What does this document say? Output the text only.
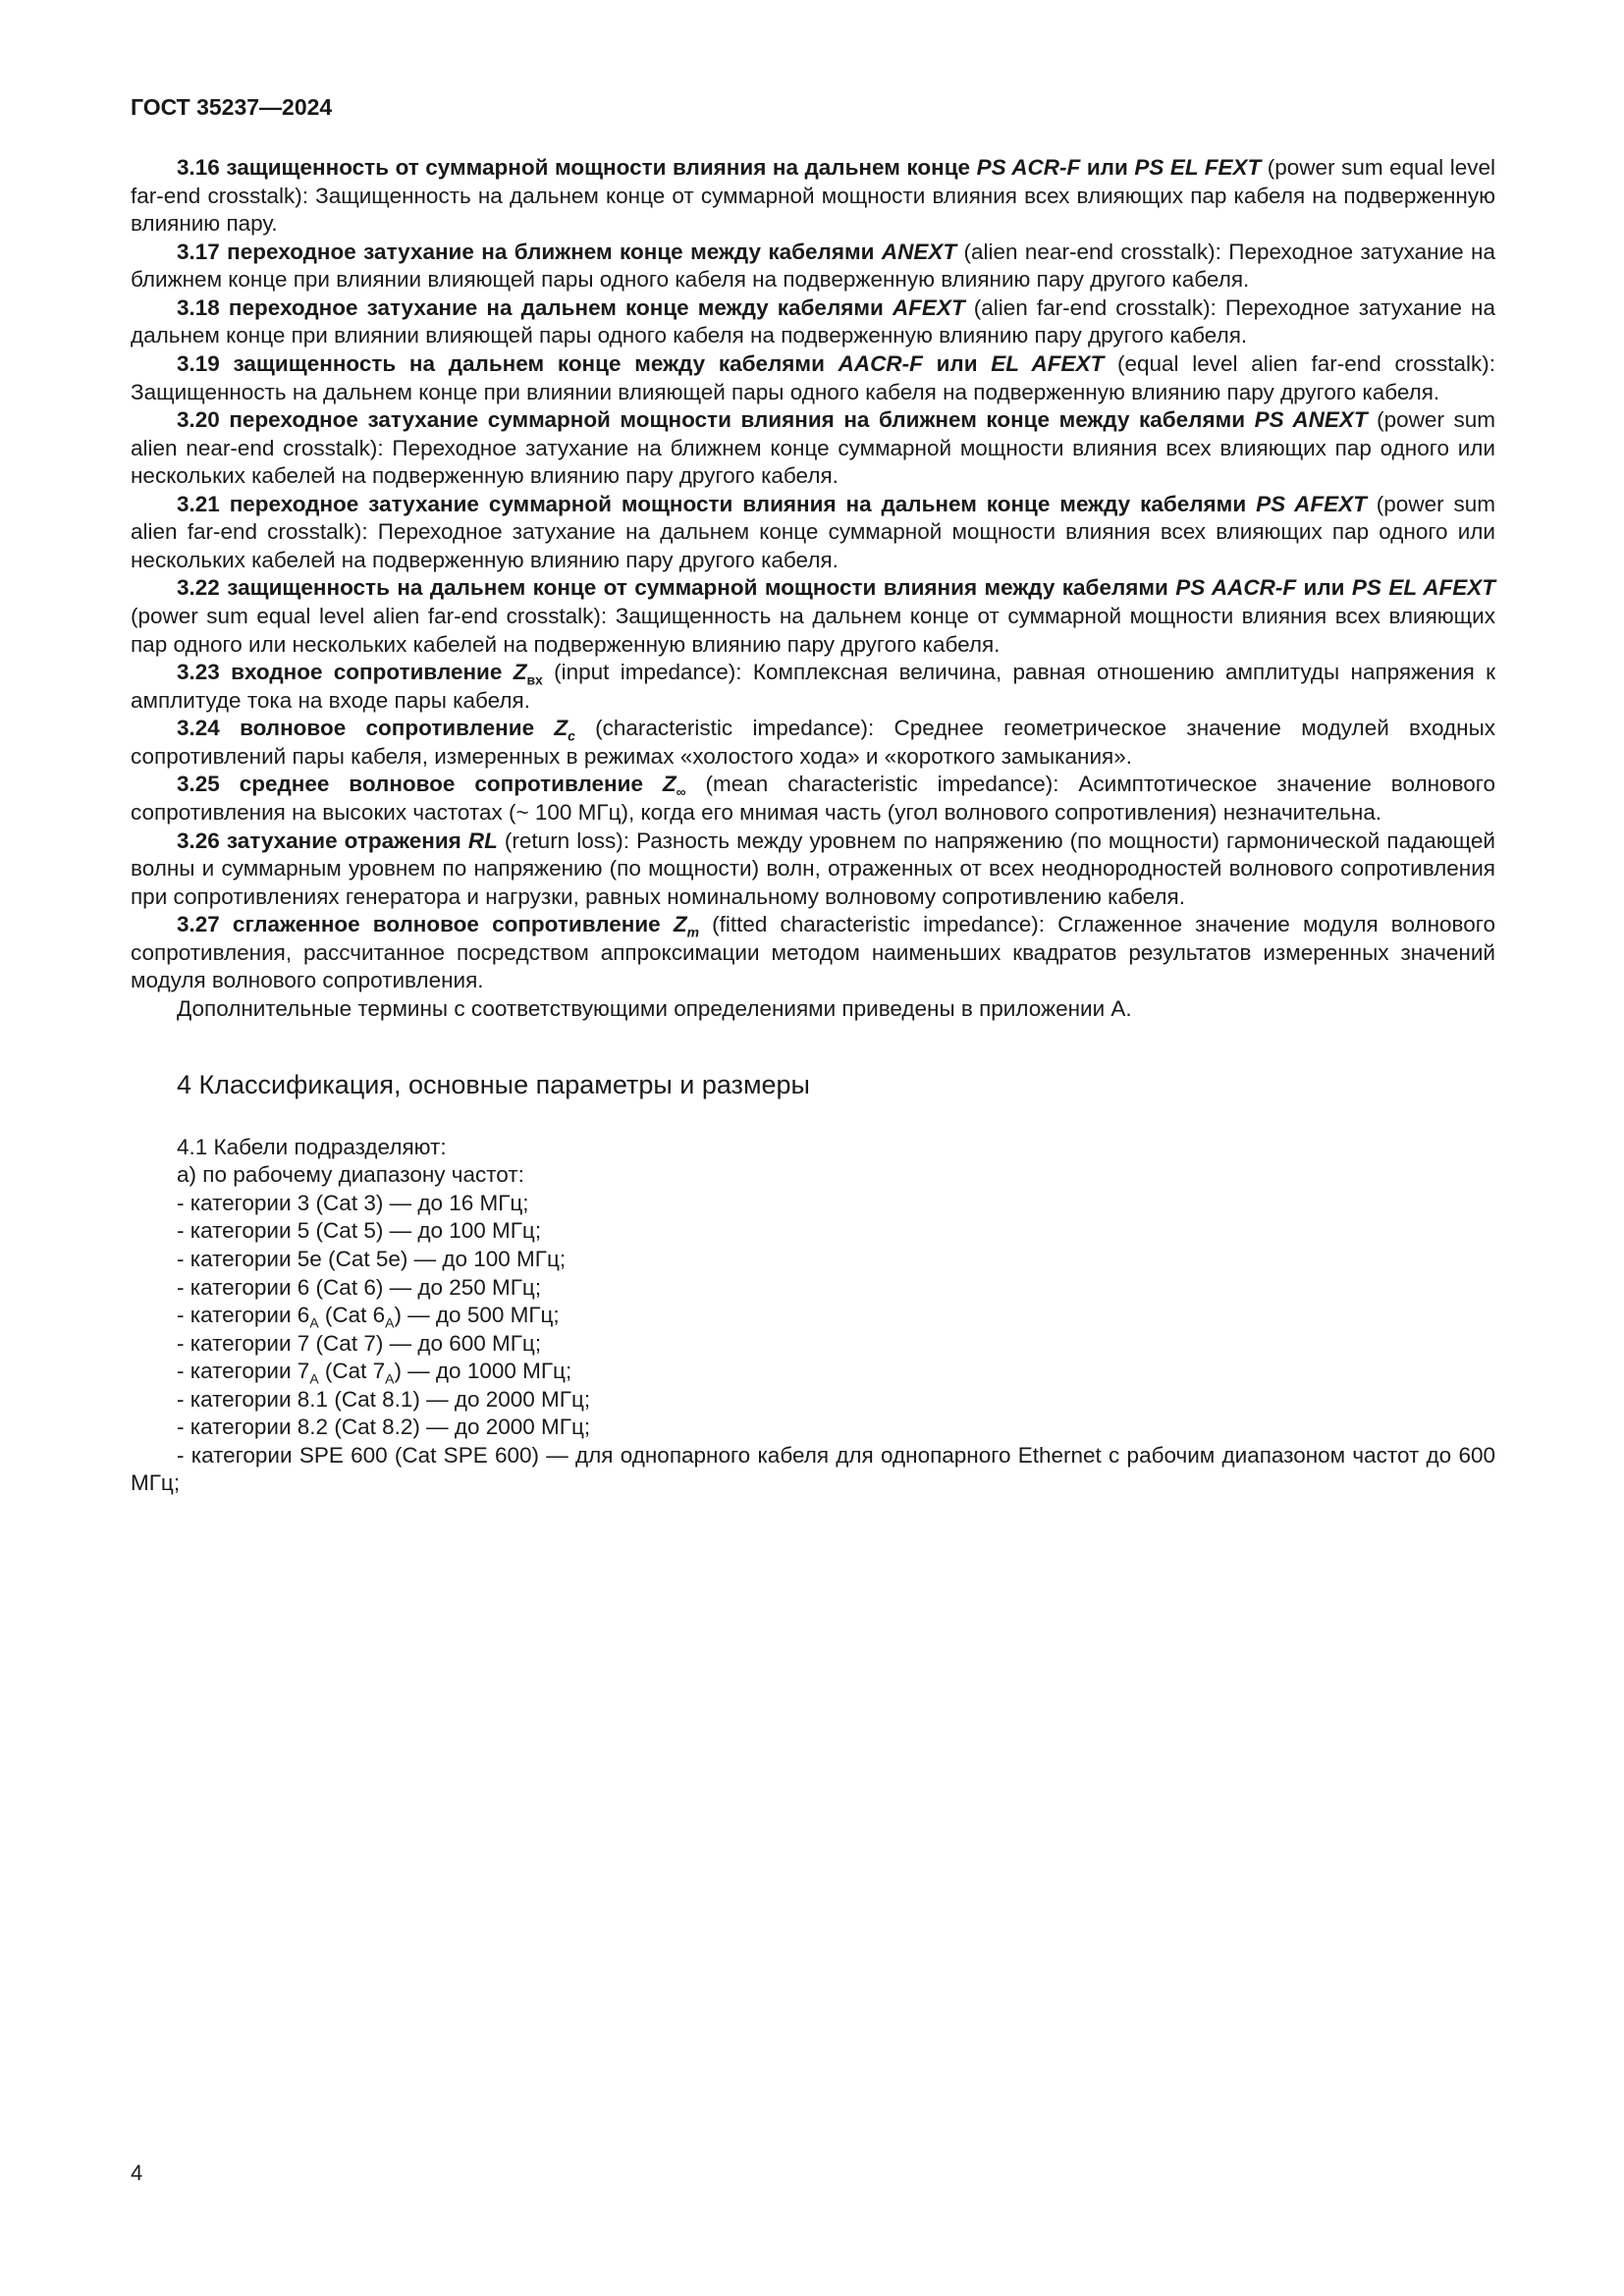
ГОСТ 35237—2024

3.16 защищенность от суммарной мощности влияния на дальнем конце PS ACR-F или PS EL FEXT (power sum equal level far-end crosstalk): Защищенность на дальнем конце от суммарной мощности влияния всех влияющих пар кабеля на подверженную влиянию пару.

3.17 переходное затухание на ближнем конце между кабелями ANEXT (alien near-end crosstalk): Переходное затухание на ближнем конце при влиянии влияющей пары одного кабеля на подверженную влиянию пару другого кабеля.

3.18 переходное затухание на дальнем конце между кабелями AFEXT (alien far-end crosstalk): Переходное затухание на дальнем конце при влиянии влияющей пары одного кабеля на подверженную влиянию пару другого кабеля.

3.19 защищенность на дальнем конце между кабелями AACR-F или EL AFEXT (equal level alien far-end crosstalk): Защищенность на дальнем конце при влиянии влияющей пары одного кабеля на подверженную влиянию пару другого кабеля.

3.20 переходное затухание суммарной мощности влияния на ближнем конце между кабелями PS ANEXT (power sum alien near-end crosstalk): Переходное затухание на ближнем конце суммарной мощности влияния всех влияющих пар одного или нескольких кабелей на подверженную влиянию пару другого кабеля.

3.21 переходное затухание суммарной мощности влияния на дальнем конце между кабелями PS AFEXT (power sum alien far-end crosstalk): Переходное затухание на дальнем конце суммарной мощности влияния всех влияющих пар одного или нескольких кабелей на подверженную влиянию пару другого кабеля.

3.22 защищенность на дальнем конце от суммарной мощности влияния между кабелями PS AACR-F или PS EL AFEXT (power sum equal level alien far-end crosstalk): Защищенность на дальнем конце от суммарной мощности влияния всех влияющих пар одного или нескольких кабелей на подверженную влиянию пару другого кабеля.

3.23 входное сопротивление $Z_{вх}$ (input impedance): Комплексная величина, равная отношению амплитуды напряжения к амплитуде тока на входе пары кабеля.

3.24 волновое сопротивление $Z_c$ (characteristic impedance): Среднее геометрическое значение модулей входных сопротивлений пары кабеля, измеренных в режимах «холостого хода» и «короткого замыкания».

3.25 среднее волновое сопротивление $Z_\infty$ (mean characteristic impedance): Асимптотическое значение волнового сопротивления на высоких частотах (~ 100 МГц), когда его мнимая часть (угол волнового сопротивления) незначительна.

3.26 затухание отражения RL (return loss): Разность между уровнем по напряжению (по мощности) гармонической падающей волны и суммарным уровнем по напряжению (по мощности) волн, отраженных от всех неоднородностей волнового сопротивления при сопротивлениях генератора и нагрузки, равных номинальному волновому сопротивлению кабеля.

3.27 сглаженное волновое сопротивление $Z_m$ (fitted characteristic impedance): Сглаженное значение модуля волнового сопротивления, рассчитанное посредством аппроксимации методом наименьших квадратов результатов измеренных значений модуля волнового сопротивления.

Дополнительные термины с соответствующими определениями приведены в приложении А.

4 Классификация, основные параметры и размеры

4.1 Кабели подразделяют:

а) по рабочему диапазону частот:

- категории 3 (Cat 3) — до 16 МГц;

- категории 5 (Cat 5) — до 100 МГц;

- категории 5е (Cat 5е) — до 100 МГц;

- категории 6 (Cat 6) — до 250 МГц;

- категории $6_А$ (Cat $6_А$) — до 500 МГц;

- категории 7 (Cat 7) — до 600 МГц;

- категории $7_А$ (Cat $7_А$) — до 1000 МГц;

- категории 8.1 (Cat 8.1) — до 2000 МГц;

- категории 8.2 (Cat 8.2) — до 2000 МГц;

- категории SPE 600 (Cat SPE 600) — для однопарного кабеля для однопарного Ethernet с рабочим диапазоном частот до 600 МГц;

4
